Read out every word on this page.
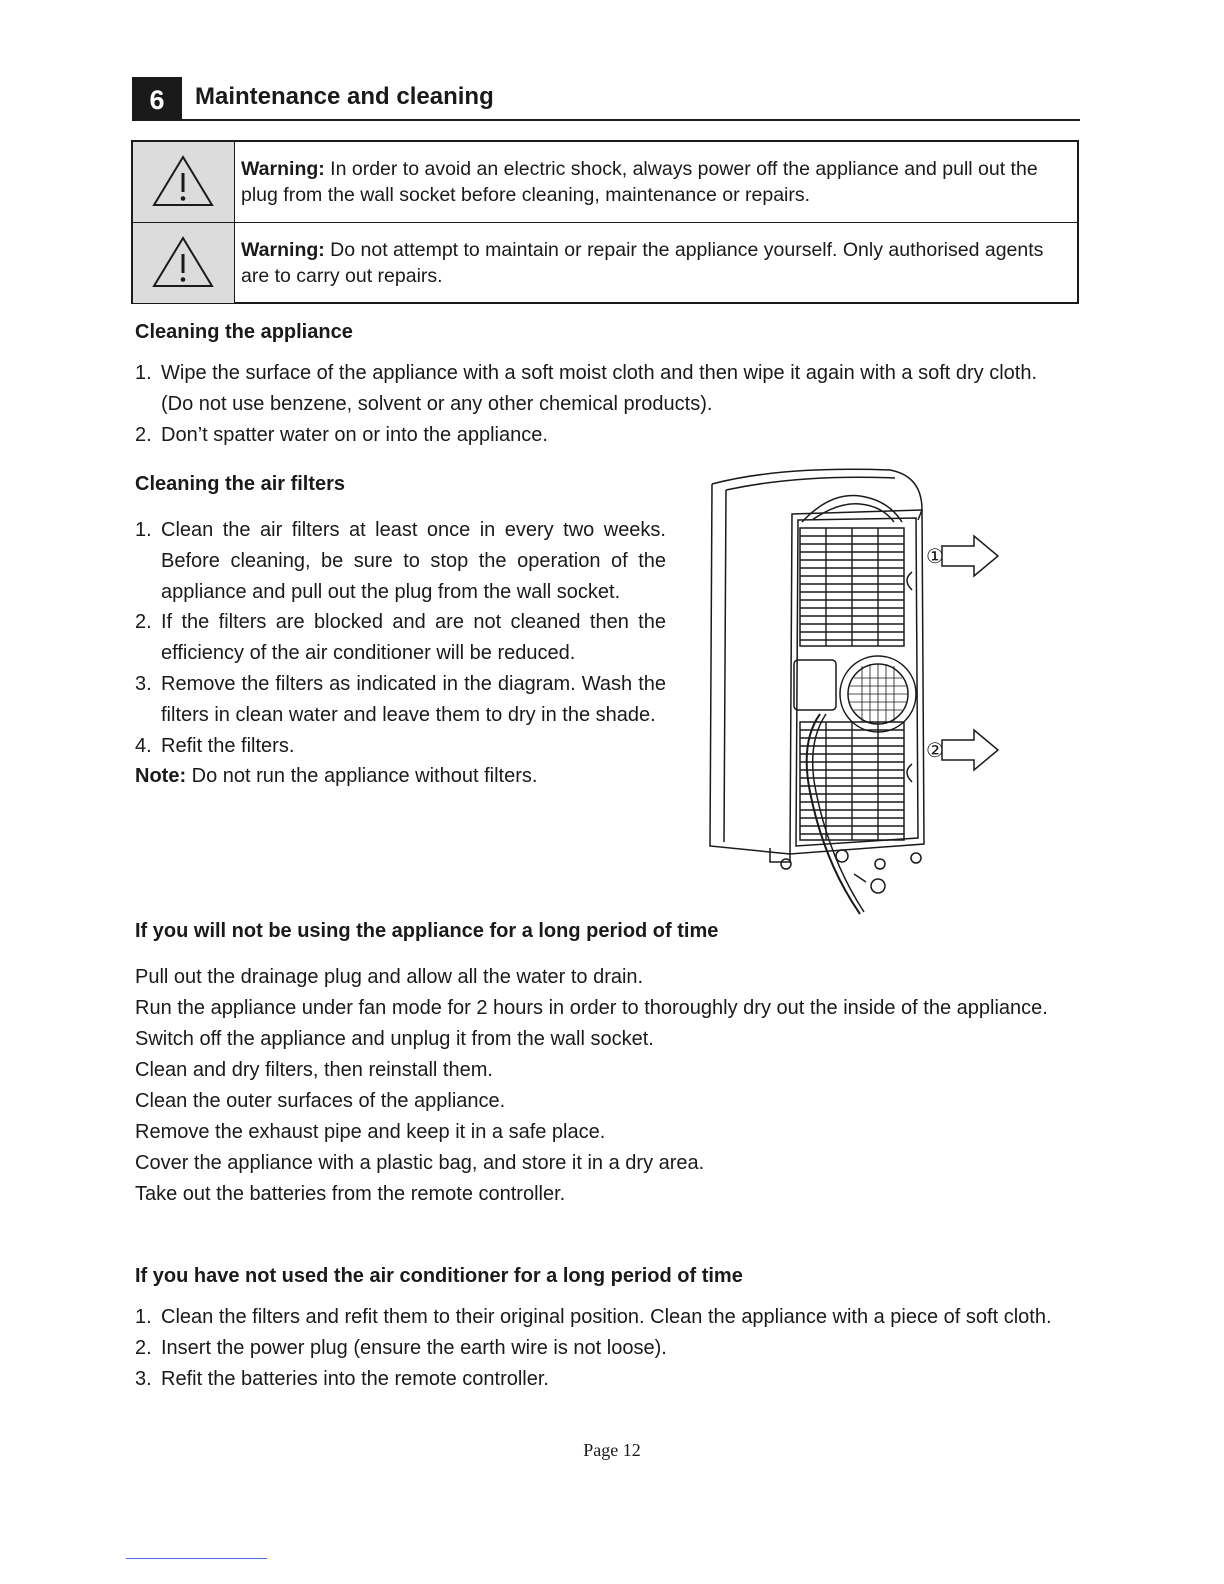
6	Maintenance and cleaning
Warning: In order to avoid an electric shock, always power off the appliance and pull out the plug from the wall socket before cleaning, maintenance or repairs.
Warning: Do not attempt to maintain or repair the appliance yourself. Only authorised agents are to carry out repairs.
Cleaning the appliance
1. Wipe the surface of the appliance with a soft moist cloth and then wipe it again with a soft dry cloth. (Do not use benzene, solvent or any other chemical products).
2. Don’t spatter water on or into the appliance.
Cleaning the air filters
1. Clean the air filters at least once in every two weeks. Before cleaning, be sure to stop the operation of the appliance and pull out the plug from the wall socket.
2. If the filters are blocked and are not cleaned then the efficiency of the air conditioner will be reduced.
3. Remove the filters as indicated in the diagram. Wash the filters in clean water and leave them to dry in the shade.
4. Refit the filters.
Note: Do not run the appliance without filters.
①
②
If you will not be using the appliance for a long period of time
Pull out the drainage plug and allow all the water to drain.
Run the appliance under fan mode for 2 hours in order to thoroughly dry out the inside of the appliance.
Switch off the appliance and unplug it from the wall socket.
Clean and dry filters, then reinstall them.
Clean the outer surfaces of the appliance.
Remove the exhaust pipe and keep it in a safe place.
Cover the appliance with a plastic bag, and store it in a dry area.
Take out the batteries from the remote controller.
If you have not used the air conditioner for a long period of time
1. Clean the filters and refit them to their original position. Clean the appliance with a piece of soft cloth.
2. Insert the power plug (ensure the earth wire is not loose).
3. Refit the batteries into the remote controller.
Page 12
